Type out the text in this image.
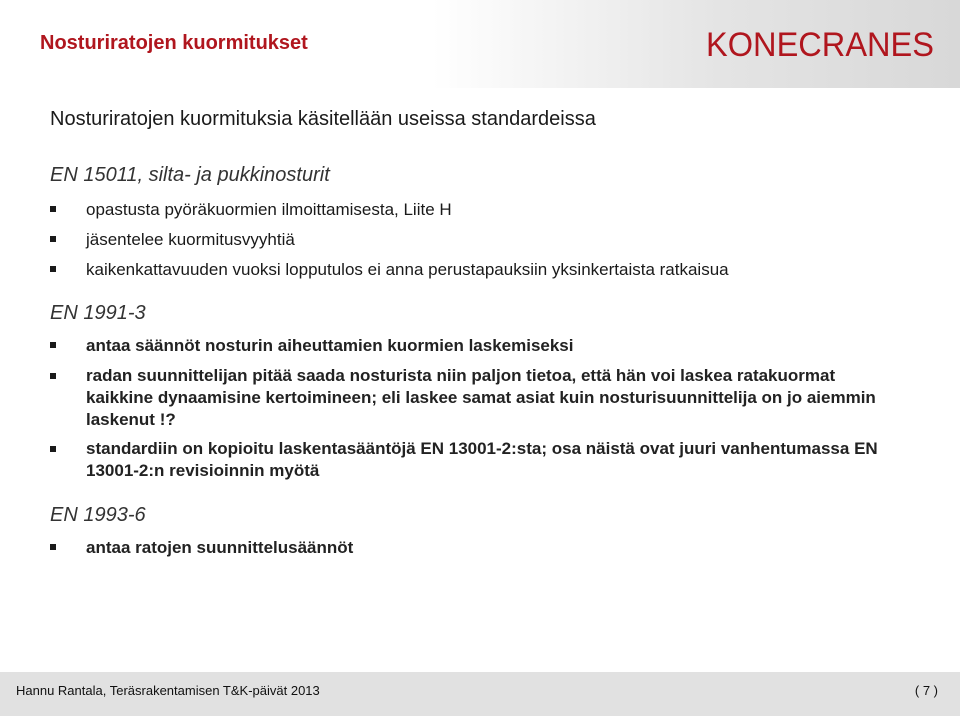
Nosturiratojen kuormitukset	KONECRANES
Nosturiratojen kuormituksia käsitellään useissa standardeissa
EN 15011, silta- ja pukkinosturit
opastusta pyöräkuormien ilmoittamisesta, Liite H
jäsentelee kuormitusvyyhtiä
kaikenkattavuuden vuoksi lopputulos ei anna perustapauksiin yksinkertaista ratkaisua
EN 1991-3
antaa säännöt nosturin aiheuttamien kuormien laskemiseksi
radan suunnittelijan pitää saada nosturista niin paljon tietoa, että hän voi laskea ratakuormat kaikkine dynaamisine kertoimineen; eli laskee samat asiat kuin nosturisuunnittelija on jo aiemmin laskenut !?
standardiin on kopioitu laskentasääntöjä EN 13001-2:sta; osa näistä ovat juuri vanhentumassa EN 13001-2:n revisioinnin myötä
EN 1993-6
antaa ratojen suunnittelusäännöt
Hannu Rantala, Teräsrakentamisen T&K-päivät 2013	( 7 )
